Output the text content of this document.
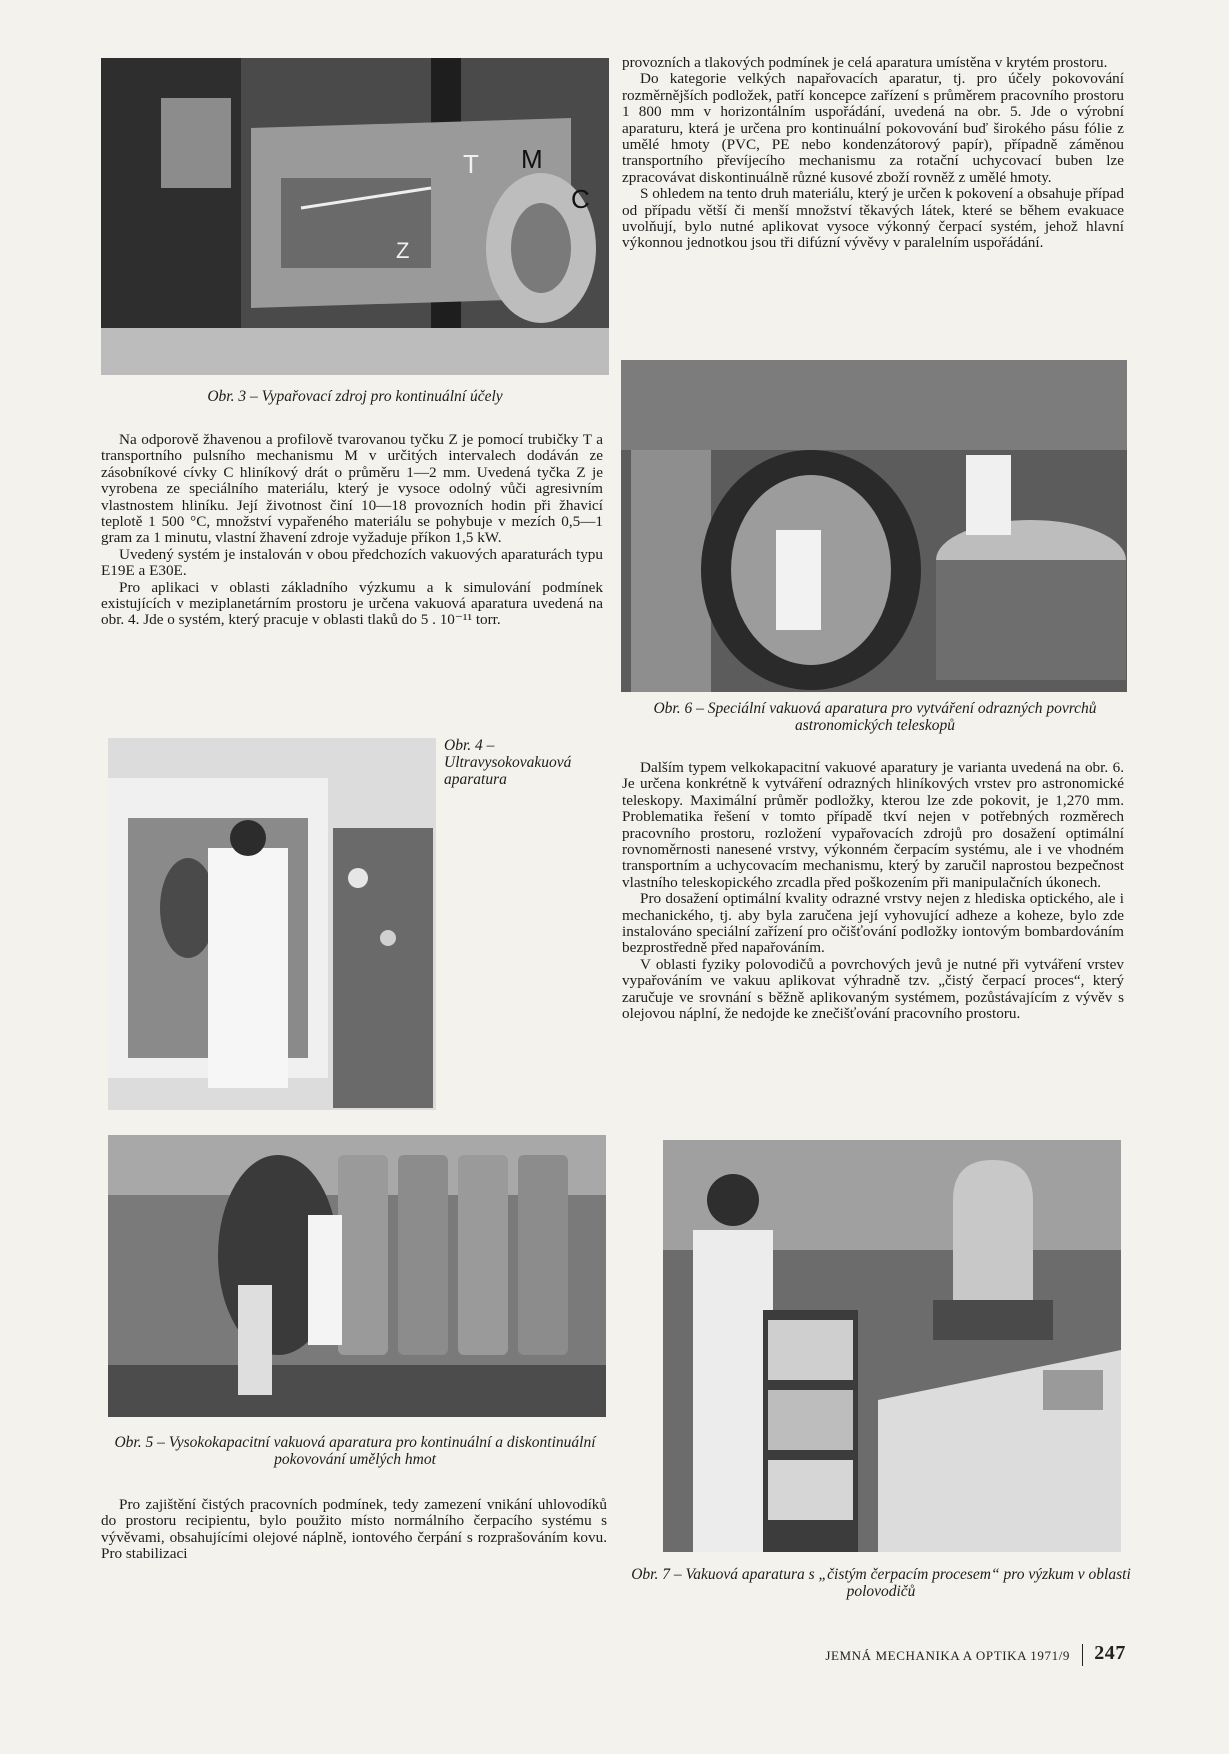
T M
Z
C
Obr. 3 – Vypařovací zdroj pro kontinuální účely

provozních a tlakových podmínek je celá aparatura umístěna v krytém prostoru.

Do kategorie velkých napařovacích aparatur, tj. pro účely pokovování rozměrnějších podložek, patří koncepce zařízení s průměrem pracovního prostoru 1 800 mm v horizontálním uspořádání, uvedená na obr. 5. Jde o výrobní aparaturu, která je určena pro kontinuální pokovování buď širokého pásu fólie z umělé hmoty (PVC, PE nebo kondenzátorový papír), případně záměnou transportního převíjecího mechanismu za rotační uchycovací buben lze zpracovávat diskontinuálně různé kusové zboží rovněž z umělé hmoty.

S ohledem na tento druh materiálu, který je určen k pokovení a obsahuje případ od případu větší či menší množství těkavých látek, které se během evakuace uvolňují, bylo nutné aplikovat vysoce výkonný čerpací systém, jehož hlavní výkonnou jednotkou jsou tři difúzní vývěvy v paralelním uspořádání.

Obr. 6 – Speciální vakuová aparatura pro vytváření odrazných povrchů astronomických teleskopů

Na odporově žhavenou a profilově tvarovanou tyčku Z je pomocí trubičky T a transportního pulsního mechanismu M v určitých intervalech dodáván ze zásobníkové cívky C hliníkový drát o průměru 1—2 mm. Uvedená tyčka Z je vyrobena ze speciálního materiálu, který je vysoce odolný vůči agresivním vlastnostem hliníku. Její životnost činí 10—18 provozních hodin při žhavicí teplotě 1 500 °C, množství vypařeného materiálu se pohybuje v mezích 0,5—1 gram za 1 minutu, vlastní žhavení zdroje vyžaduje příkon 1,5 kW.

Uvedený systém je instalován v obou předchozích vakuových aparaturách typu E19E a E30E.

Pro aplikaci v oblasti základního výzkumu a k simulování podmínek existujících v meziplanetárním prostoru je určena vakuová aparatura uvedená na obr. 4. Jde o systém, který pracuje v oblasti tlaků do 5 . 10⁻¹¹ torr.

Obr. 4 – Ultravysokovakuová aparatura

Dalším typem velkokapacitní vakuové aparatury je varianta uvedená na obr. 6. Je určena konkrétně k vytváření odrazných hliníkových vrstev pro astronomické teleskopy. Maximální průměr podložky, kterou lze zde pokovit, je 1,270 mm. Problematika řešení v tomto případě tkví nejen v potřebných rozměrech pracovního prostoru, rozložení vypařovacích zdrojů pro dosažení optimální rovnoměrnosti nanesené vrstvy, výkonném čerpacím systému, ale i ve vhodném transportním a uchycovacím mechanismu, který by zaručil naprostou bezpečnost vlastního teleskopického zrcadla před poškozením při manipulačních úkonech.

Pro dosažení optimální kvality odrazné vrstvy nejen z hlediska optického, ale i mechanického, tj. aby byla zaručena její vyhovující adheze a koheze, bylo zde instalováno speciální zařízení pro očišťování podložky iontovým bombardováním bezprostředně před napařováním.

V oblasti fyziky polovodičů a povrchových jevů je nutné při vytváření vrstev vypařováním ve vakuu aplikovat výhradně tzv. „čistý čerpací proces“, který zaručuje ve srovnání s běžně aplikovaným systémem, pozůstávajícím z vývěv s olejovou náplní, že nedojde ke znečišťování pracovního prostoru.

Obr. 5 – Vysokokapacitní vakuová aparatura pro kontinuální a diskontinuální pokovování umělých hmot
Obr. 7 – Vakuová aparatura s „čistým čerpacím procesem“ pro výzkum v oblasti polovodičů

Pro zajištění čistých pracovních podmínek, tedy zamezení vnikání uhlovodíků do prostoru recipientu, bylo použito místo normálního čerpacího systému s vývěvami, obsahujícími olejové náplně, iontového čerpání s rozprašováním kovu. Pro stabilizaci

JEMNÁ MECHANIKA A OPTIKA 1971/9 247
